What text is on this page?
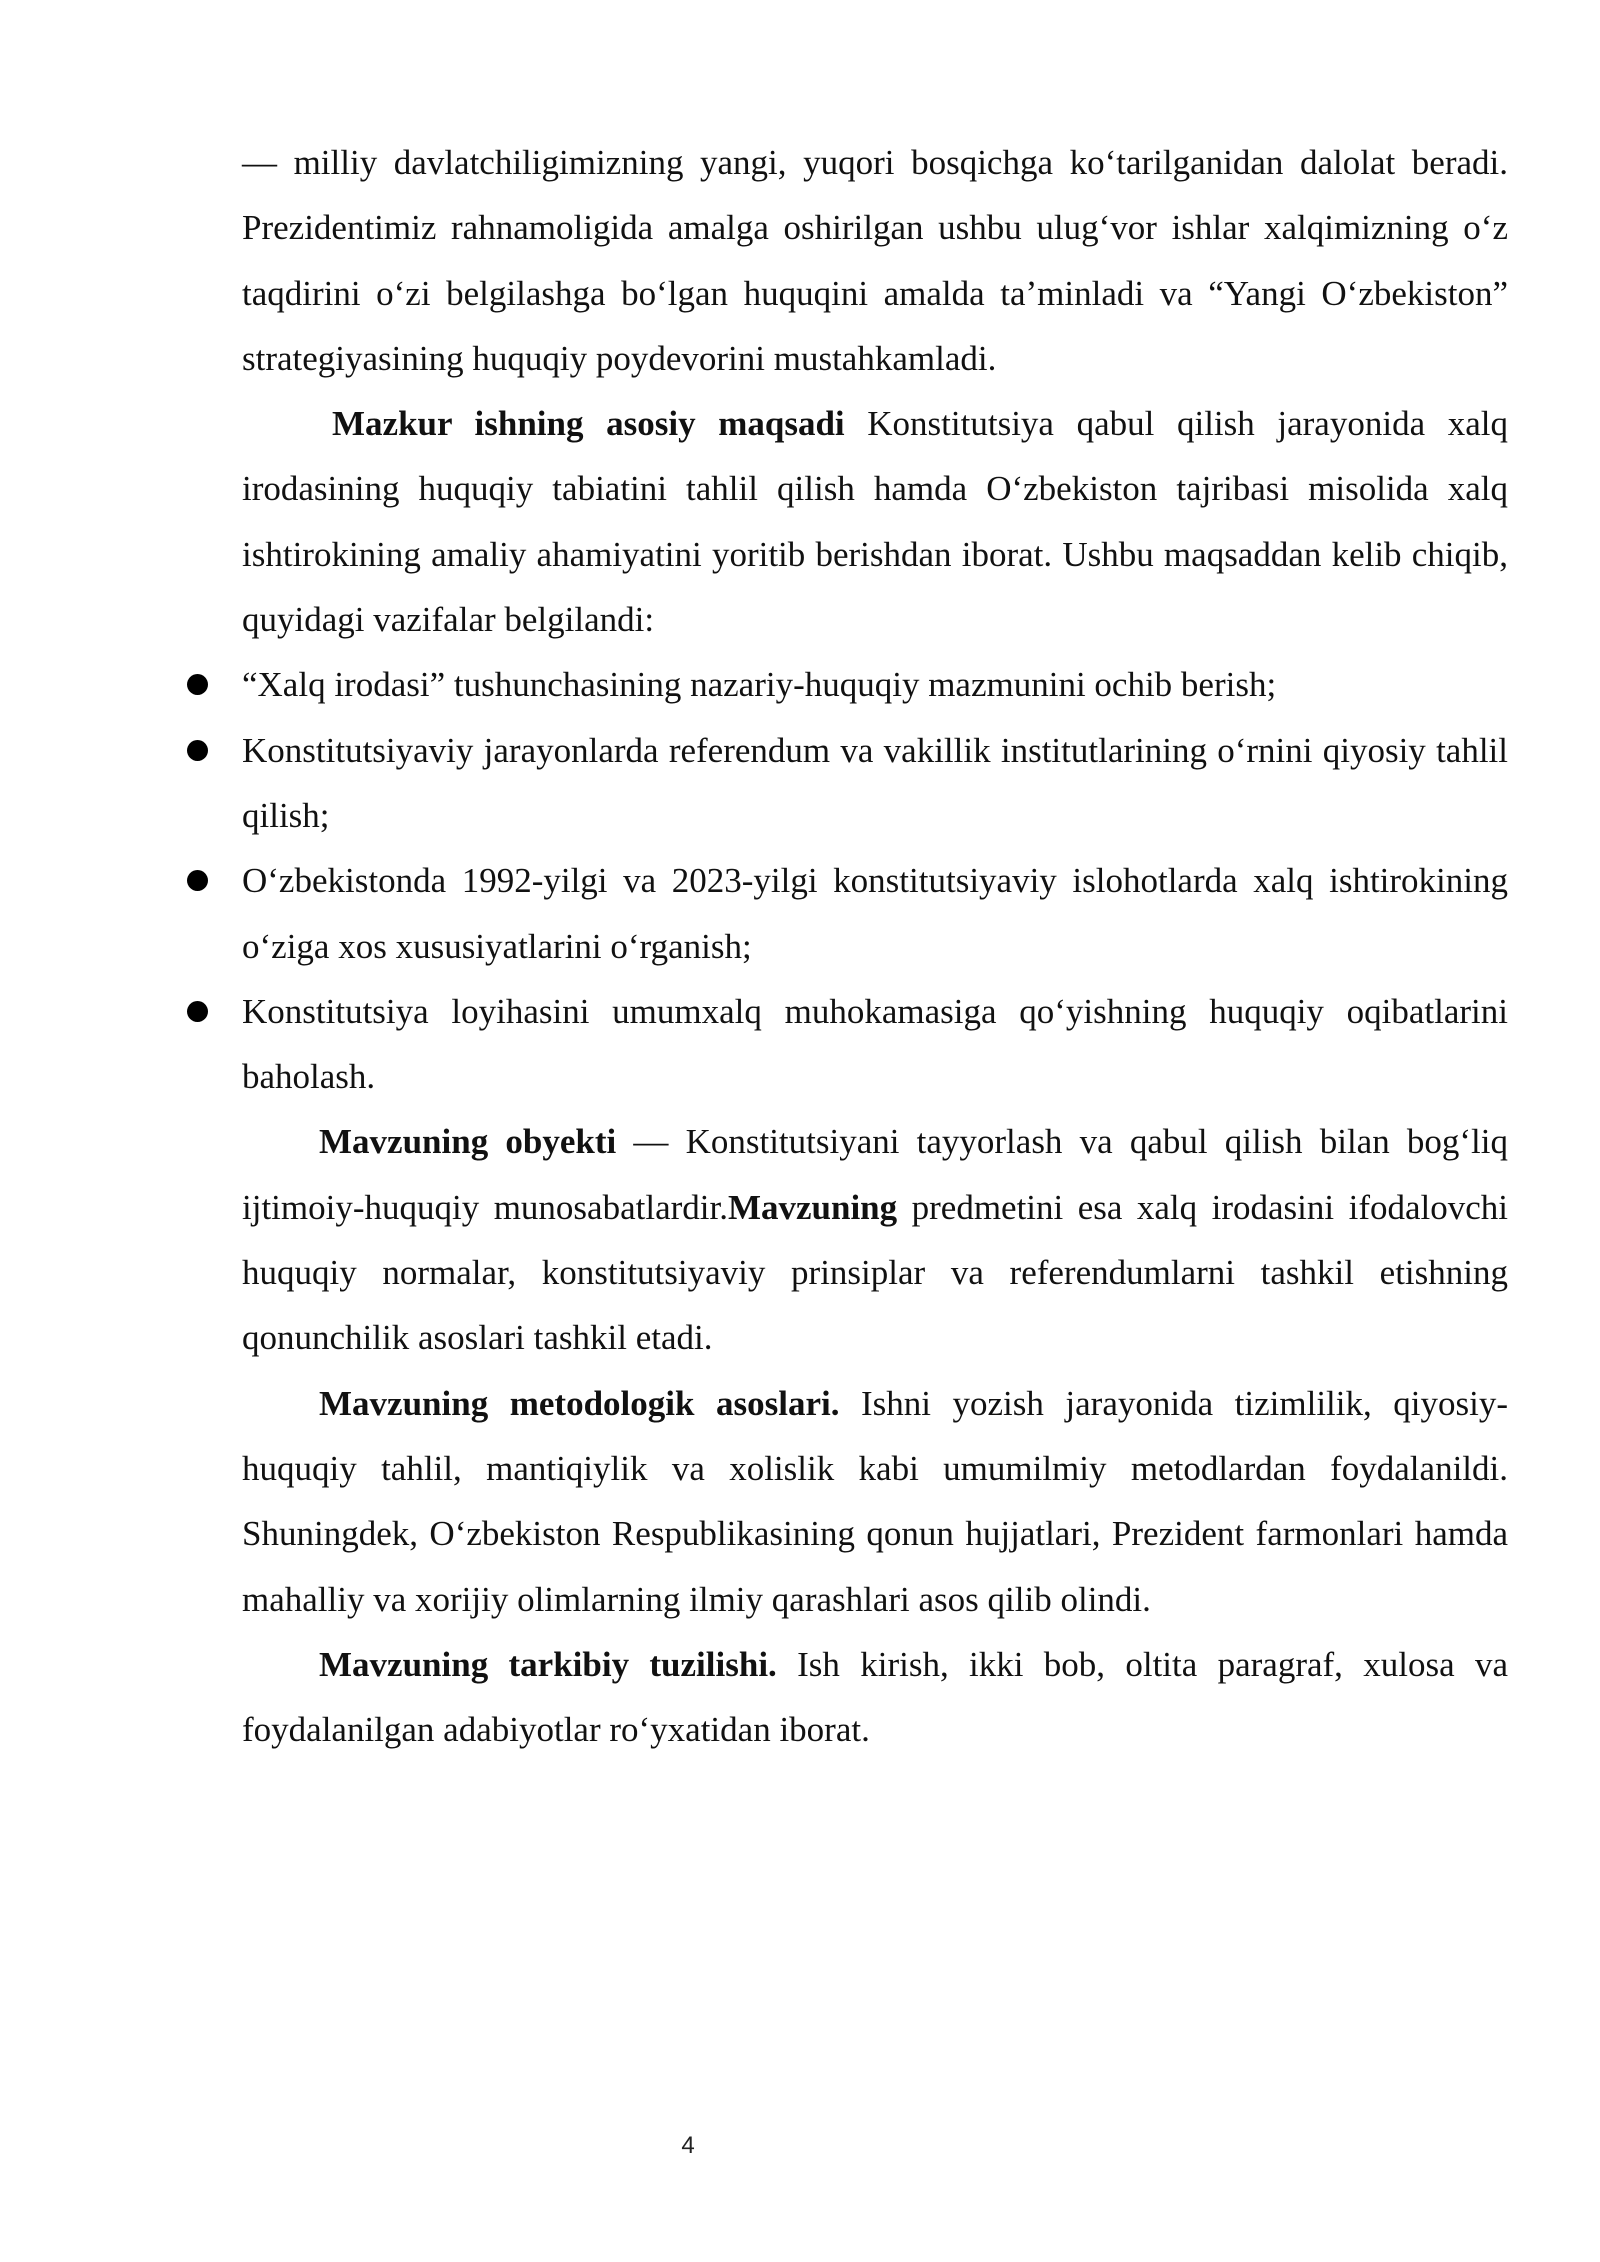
— milliy davlatchiligimizning yangi, yuqori bosqichga koʻtarilganidan dalolat beradi. Prezidentimiz rahnamoligida amalga oshirilgan ushbu ulugʻvor ishlar xalqimizning oʻz taqdirini oʻzi belgilashga boʻlgan huquqini amalda taʼminladi va “Yangi Oʻzbekiston” strategiyasining huquqiy poydevorini mustahkamladi.

Mazkur ishning asosiy maqsadi Konstitutsiya qabul qilish jarayonida xalq irodasining huquqiy tabiatini tahlil qilish hamda Oʻzbekiston tajribasi misolida xalq ishtirokining amaliy ahamiyatini yoritib berishdan iborat. Ushbu maqsaddan kelib chiqib, quyidagi vazifalar belgilandi:

“Xalq irodasi” tushunchasining nazariy-huquqiy mazmunini ochib berish;
Konstitutsiyaviy jarayonlarda referendum va vakillik institutlarining oʻrnini qiyosiy tahlil qilish;
Oʻzbekistonda 1992-yilgi va 2023-yilgi konstitutsiyaviy islohotlarda xalq ishtirokining oʻziga xos xususiyatlarini oʻrganish;
Konstitutsiya loyihasini umumxalq muhokamasiga qoʻyishning huquqiy oqibatlarini baholash.

Mavzuning obyekti — Konstitutsiyani tayyorlash va qabul qilish bilan bogʻliq ijtimoiy-huquqiy munosabatlardir.Mavzuning predmetini esa xalq irodasini ifodalovchi huquqiy normalar, konstitutsiyaviy prinsiplar va referendumlarni tashkil etishning qonunchilik asoslari tashkil etadi.

Mavzuning metodologik asoslari. Ishni yozish jarayonida tizimlilik, qiyosiy-huquqiy tahlil, mantiqiylik va xolislik kabi umumilmiy metodlardan foydalanildi. Shuningdek, Oʻzbekiston Respublikasining qonun hujjatlari, Prezident farmonlari hamda mahalliy va xorijiy olimlarning ilmiy qarashlari asos qilib olindi.

Mavzuning tarkibiy tuzilishi. Ish kirish, ikki bob, oltita paragraf, xulosa va foydalanilgan adabiyotlar roʻyxatidan iborat.

4
